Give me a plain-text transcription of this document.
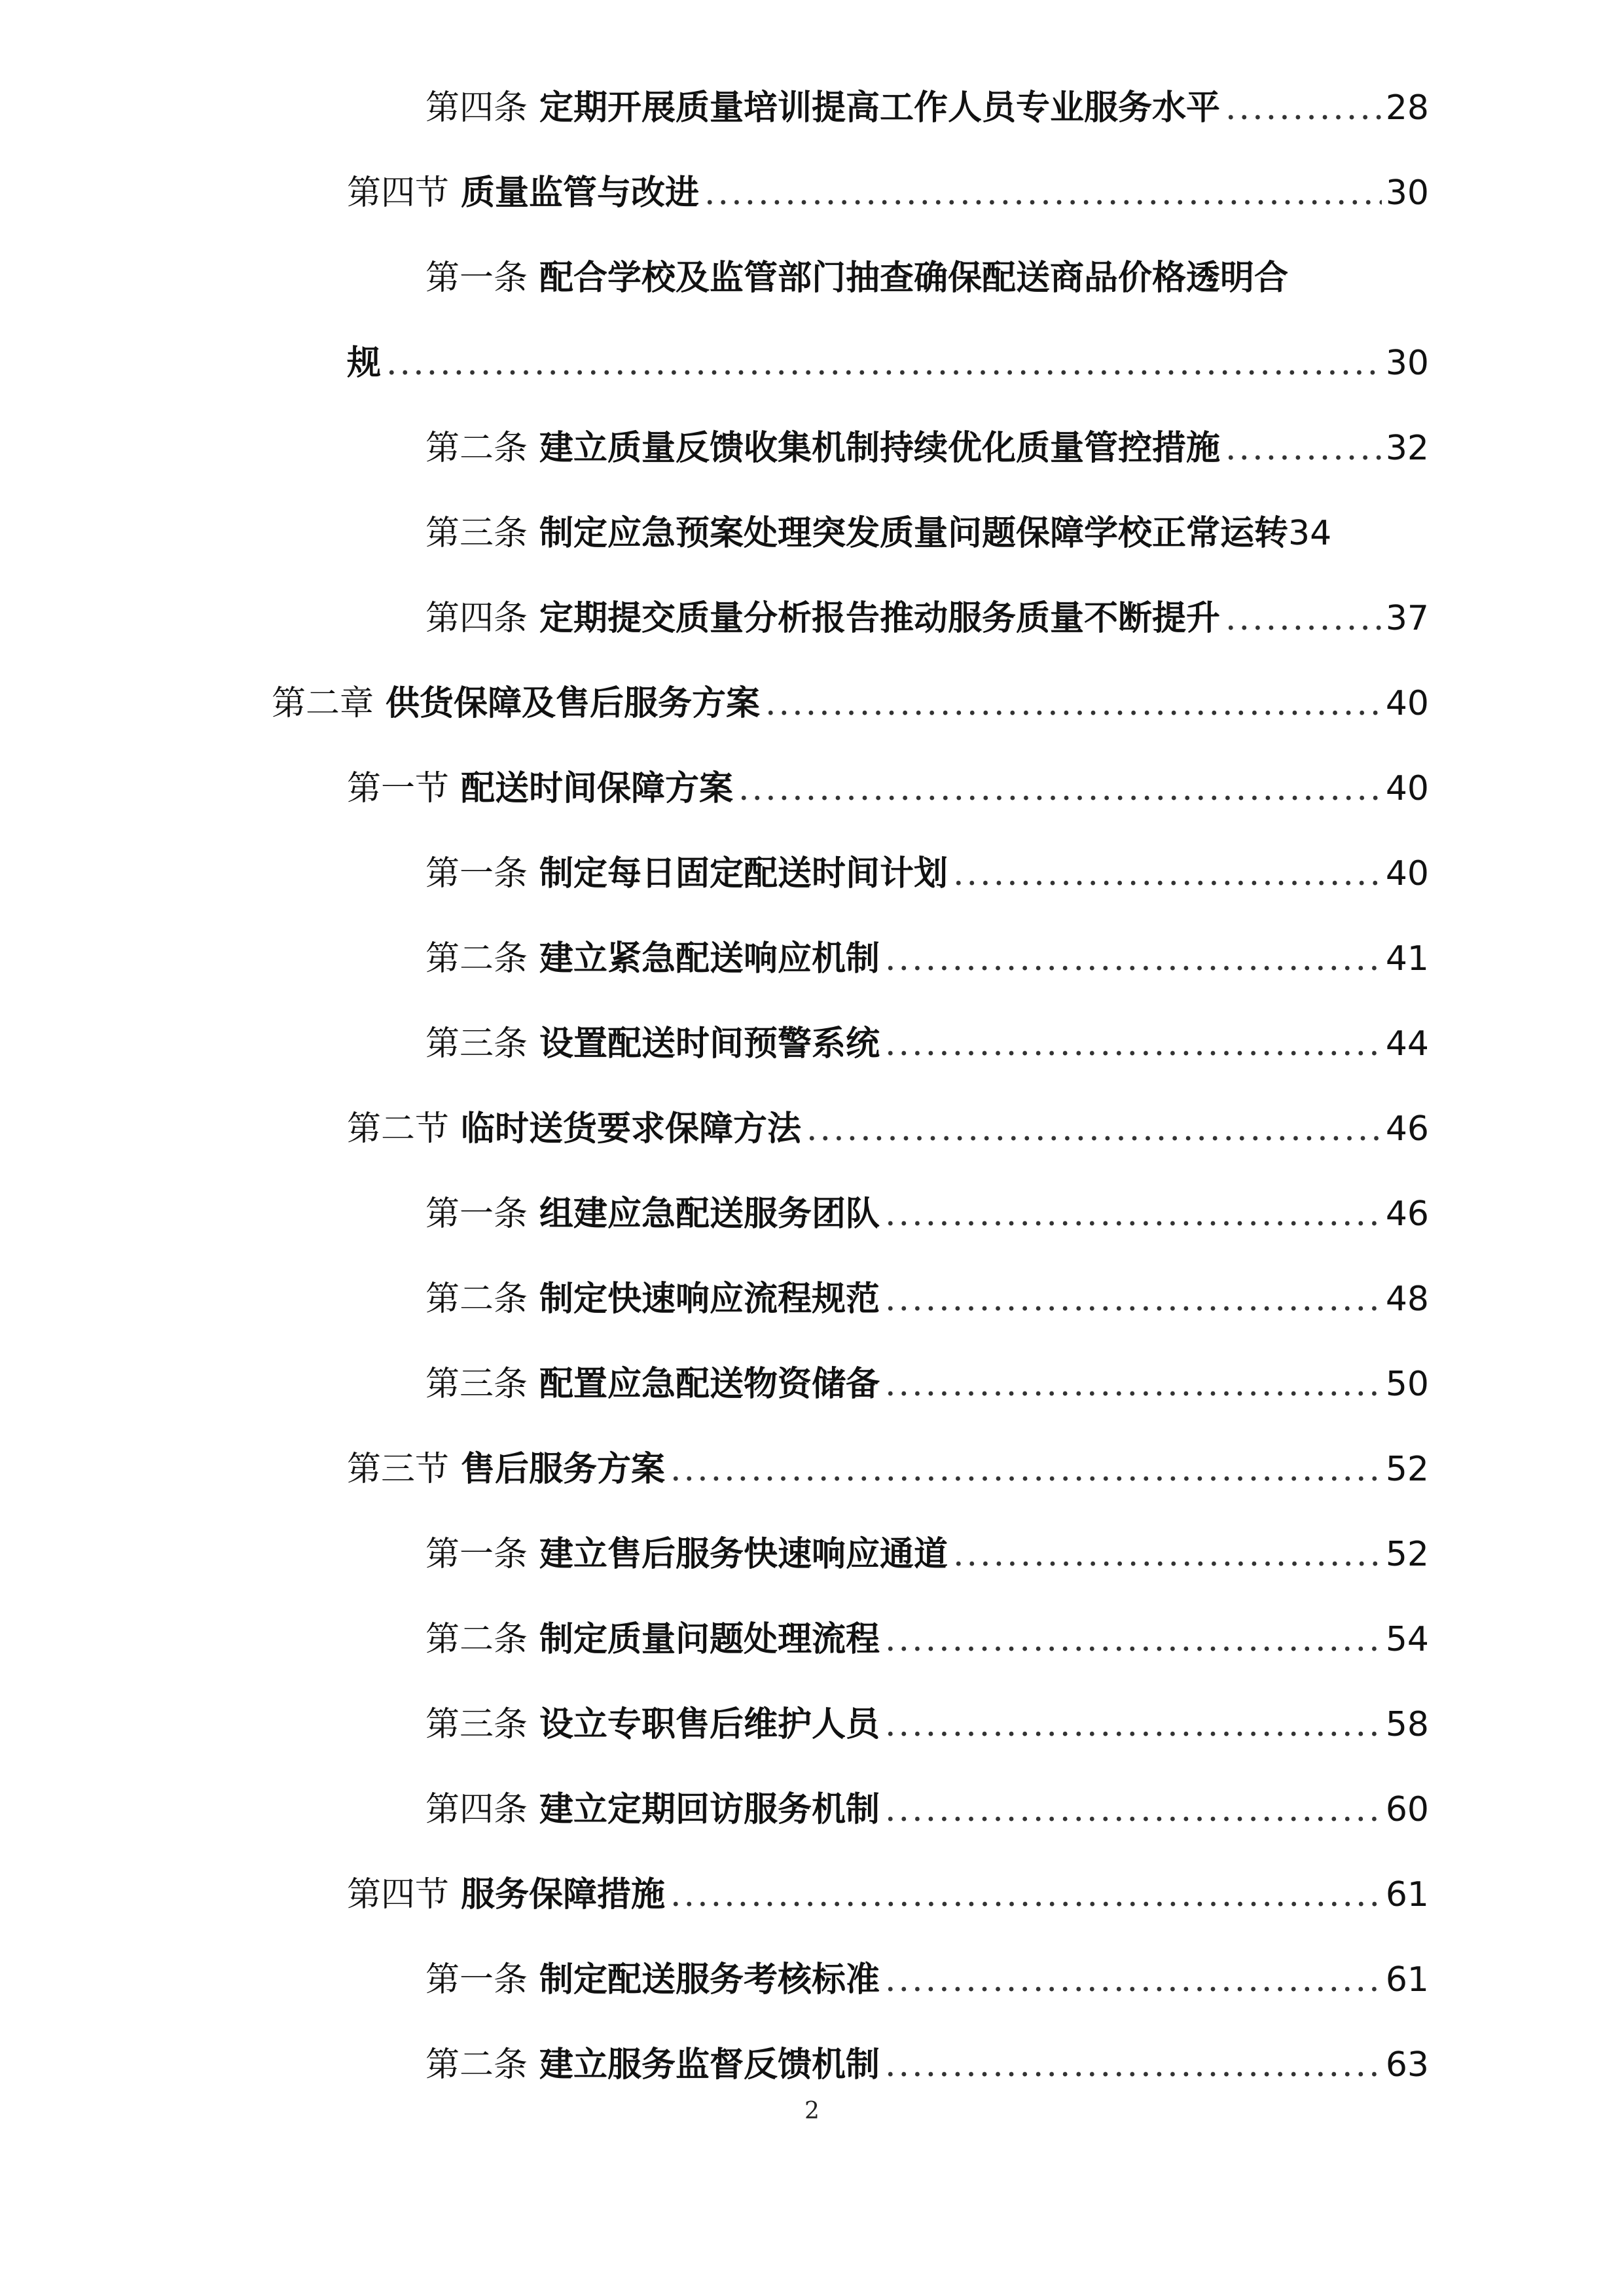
第四条 定期开展质量培训提高工作人员专业服务水平 .....	28
第四节 质量监管与改进 .....	30
第一条 配合学校及监管部门抽查确保配送商品价格透明合
规 .....	30
第二条 建立质量反馈收集机制持续优化质量管控措施 .....	32
第三条 制定应急预案处理突发质量问题保障学校正常运转 34
第四条 定期提交质量分析报告推动服务质量不断提升 .....	37
第二章 供货保障及售后服务方案 .....	40
第一节 配送时间保障方案 .....	40
第一条 制定每日固定配送时间计划 .....	40
第二条 建立紧急配送响应机制 .....	41
第三条 设置配送时间预警系统 .....	44
第二节 临时送货要求保障方法 .....	46
第一条 组建应急配送服务团队 .....	46
第二条 制定快速响应流程规范 .....	48
第三条 配置应急配送物资储备 .....	50
第三节 售后服务方案 .....	52
第一条 建立售后服务快速响应通道 .....	52
第二条 制定质量问题处理流程 .....	54
第三条 设立专职售后维护人员 .....	58
第四条 建立定期回访服务机制 .....	60
第四节 服务保障措施 .....	61
第一条 制定配送服务考核标准 .....	61
第二条 建立服务监督反馈机制 .....	63
2
